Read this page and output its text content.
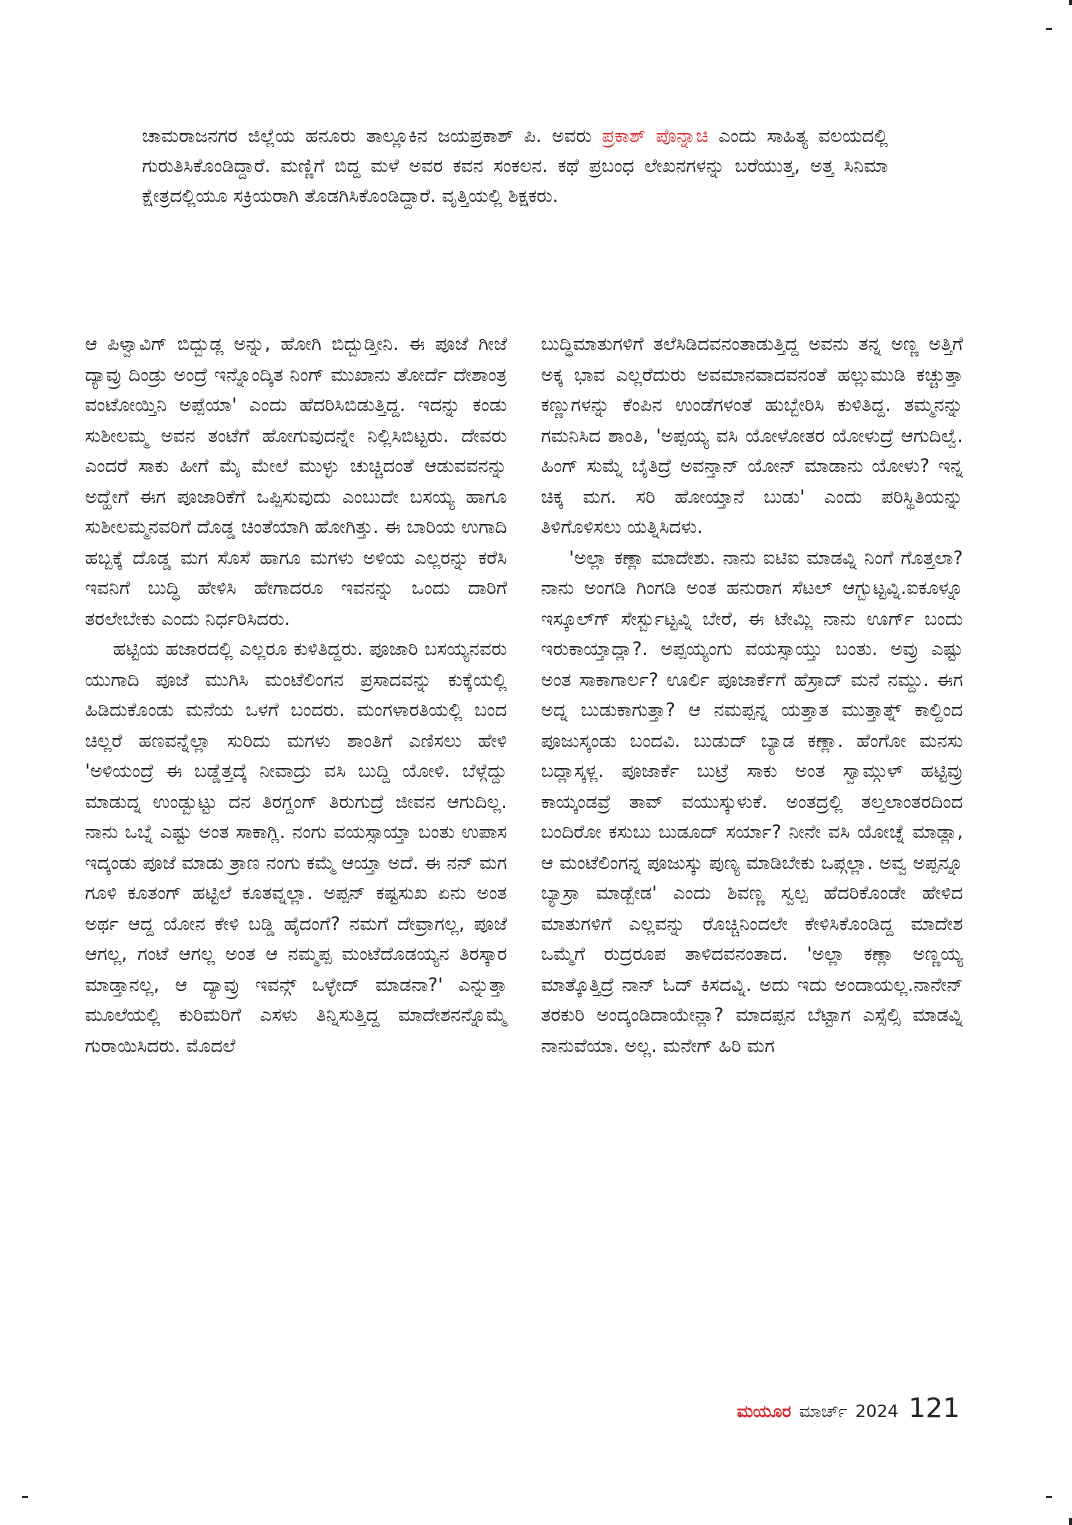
ಚಾಮರಾಜನಗರ ಜಿಲ್ಲೆಯ ಹನೂರು ತಾಲ್ಲೂಕಿನ ಜಯಪ್ರಕಾಶ್ ಪಿ. ಅವರು ಪ್ರಕಾಶ್ ಪೊನ್ನಾಚಿ ಎಂದು ಸಾಹಿತ್ಯ ವಲಯದಲ್ಲಿ ಗುರುತಿಸಿಕೊಂಡಿದ್ದಾರೆ. ಮಣ್ಣಿಗೆ ಬಿದ್ದ ಮಳೆ ಅವರ ಕವನ ಸಂಕಲನ. ಕಥೆ ಪ್ರಬಂಧ ಲೇಖನಗಳನ್ನು ಬರೆಯುತ್ತ, ಅತ್ತ ಸಿನಿಮಾ ಕ್ಷೇತ್ರದಲ್ಲಿಯೂ ಸಕ್ರಿಯರಾಗಿ ತೊಡಗಿಸಿಕೊಂಡಿದ್ದಾರೆ. ವೃತ್ತಿಯಲ್ಲಿ ಶಿಕ್ಷಕರು.

ಆ ಪಿಳ್ವಾವಿಗ್ ಬಿದ್ಬುಡ್ಲ ಅನ್ನು, ಹೋಗಿ ಬಿದ್ಬುಡ್ತೀನಿ. ಈ ಪೂಜೆ ಗೀಜೆ ದ್ಯಾವ್ರು ದಿಂಡ್ರು ಅಂದ್ರೆ ಇನ್ನೊಂದ್ಕಿತ ನಿಂಗ್ ಮುಖಾನು ತೋರ್ದೆ ದೇಶಾಂತ್ರ ವಂಟೋಯ್ತಿನಿ ಅಪ್ಪೆಯಾ' ಎಂದು ಹೆದರಿಸಿಬಿಡುತ್ತಿದ್ದ. ಇದನ್ನು ಕಂಡು ಸುಶೀಲಮ್ಮ ಅವನ ತಂಟೆಗೆ ಹೋಗುವುದನ್ನೇ ನಿಲ್ಲಿಸಿಬಿಟ್ಟರು. ದೇವರು ಎಂದರೆ ಸಾಕು ಹೀಗೆ ಮೈ ಮೇಲೆ ಮುಳ್ಳು ಚುಚ್ಚಿದಂತೆ ಆಡುವವನನ್ನು ಅದ್ಹೇಗೆ ಈಗ ಪೂಜಾರಿಕೆಗೆ ಒಪ್ಪಿಸುವುದು ಎಂಬುದೇ ಬಸಯ್ಯ ಹಾಗೂ ಸುಶೀಲಮ್ಮನವರಿಗೆ ದೊಡ್ಡ ಚಿಂತೆಯಾಗಿ ಹೋಗಿತ್ತು. ಈ ಬಾರಿಯ ಉಗಾದಿ ಹಬ್ಬಕ್ಕೆ ದೊಡ್ಡ ಮಗ ಸೊಸೆ ಹಾಗೂ ಮಗಳು ಅಳಿಯ ಎಲ್ಲರನ್ನು ಕರೆಸಿ ಇವನಿಗೆ ಬುದ್ಧಿ ಹೇಳಿಸಿ ಹೇಗಾದರೂ ಇವನನ್ನು ಒಂದು ದಾರಿಗೆ ತರಲೇಬೇಕು ಎಂದು ನಿರ್ಧರಿಸಿದರು.

ಹಟ್ಟಿಯ ಹಜಾರದಲ್ಲಿ ಎಲ್ಲರೂ ಕುಳಿತಿದ್ದರು. ಪೂಜಾರಿ ಬಸಯ್ಯನವರು ಯುಗಾದಿ ಪೂಜೆ ಮುಗಿಸಿ ಮಂಟೆಲಿಂಗನ ಪ್ರಸಾದವನ್ನು ಕುಕ್ಕೆಯಲ್ಲಿ ಹಿಡಿದುಕೊಂಡು ಮನೆಯ ಒಳಗೆ ಬಂದರು. ಮಂಗಳಾರತಿಯಲ್ಲಿ ಬಂದ ಚಿಲ್ಲರೆ ಹಣವನ್ನೆಲ್ಲಾ ಸುರಿದು ಮಗಳು ಶಾಂತಿಗೆ ಎಣಿಸಲು ಹೇಳಿ 'ಅಳಿಯಂದ್ರೆ ಈ ಬಡ್ಡೆತ್ತದ್ಕೆ ನೀವಾದ್ರು ವಸಿ ಬುದ್ದಿ ಯೋಳಿ. ಬೆಳ್ಗೆದ್ದು ಮಾಡುದ್ನ ಉಂಡ್ಬುಟ್ಟು ದನ ತಿರಗ್ದಂಗ್ ತಿರುಗುದ್ರೆ ಜೀವನ ಆಗುದಿಲ್ಲ. ನಾನು ಒಬ್ನೆ ಎಷ್ಟು ಅಂತ ಸಾಕಾಗ್ಲಿ. ನಂಗು ವಯಸ್ಸಾಯ್ತಾ ಬಂತು ಉಪಾಸ ಇದ್ಕಂಡು ಪೂಜೆ ಮಾಡು ತ್ರಾಣ ನಂಗು ಕಮ್ಮೆ ಆಯ್ತಾ ಅದೆ. ಈ ನನ್ ಮಗ ಗೂಳಿ ಕೂತಂಗ್ ಹಟ್ಟಿಲೆ ಕೂತವ್ನಲ್ಲಾ. ಅಪ್ಪನ್ ಕಷ್ಟಸುಖ ಏನು ಅಂತ ಅರ್ಥ ಆದ್ದ ಯೋನ ಕೇಳಿ ಬಡ್ಡಿ ಹೈದಂಗೆ? ನಮಗೆ ದೇವ್ರಾಗಲ್ಲ, ಪೂಜೆ ಆಗಲ್ಲ, ಗಂಟೆ ಆಗಲ್ಲ ಅಂತ ಆ ನಮ್ಮಪ್ಪ ಮಂಟೆದೊಡಯ್ಯನ ತಿರಸ್ಕಾರ ಮಾಡ್ತಾನಲ್ಲ, ಆ ದ್ಯಾವ್ರು ಇವನ್ಗ್ ಒಳ್ಳೇದ್ ಮಾಡನಾ?' ಎನ್ನುತ್ತಾ ಮೂಲೆಯಲ್ಲಿ ಕುರಿಮರಿಗೆ ಎಸಳು ತಿನ್ನಿಸುತ್ತಿದ್ದ ಮಾದೇಶನನ್ನೊಮ್ಮೆ ಗುರಾಯಿಸಿದರು. ಮೊದಲೆ

ಬುದ್ಧಿಮಾತುಗಳಿಗೆ ತಲೆಸಿಡಿದವನಂತಾಡುತ್ತಿದ್ದ ಅವನು ತನ್ನ ಅಣ್ಣ ಅತ್ತಿಗೆ ಅಕ್ಕ ಭಾವ ಎಲ್ಲರೆದುರು ಅವಮಾನವಾದವನಂತೆ ಹಲ್ಲುಮುಡಿ ಕಚ್ಚುತ್ತಾ ಕಣ್ಣುಗಳನ್ನು ಕೆಂಪಿನ ಉಂಡೆಗಳಂತೆ ಹುಬ್ಬೇರಿಸಿ ಕುಳಿತಿದ್ದ. ತಮ್ಮನನ್ನು ಗಮನಿಸಿದ ಶಾಂತಿ, 'ಅಪ್ಪಯ್ಯ ವಸಿ ಯೋಳೋತರ ಯೋಳುದ್ರೆ ಆಗುದಿಲ್ವೆ. ಹಿಂಗ್ ಸುಮ್ನೆ ಬೈತಿದ್ರೆ ಅವನ್ತಾನ್ ಯೋನ್ ಮಾಡಾನು ಯೋಳು? ಇನ್ನ ಚಿಕ್ಕ ಮಗ. ಸರಿ ಹೋಯ್ತಾನೆ ಬುಡು' ಎಂದು ಪರಿಸ್ಥಿತಿಯನ್ನು ತಿಳಿಗೊಳಿಸಲು ಯತ್ನಿಸಿದಳು.

'ಅಲ್ಲಾ ಕಣ್ಲಾ ಮಾದೇಶು. ನಾನು ಐಟಿಐ ಮಾಡವ್ನಿ ನಿಂಗೆ ಗೊತ್ತಲಾ? ನಾನು ಅಂಗಡಿ ಗಿಂಗಡಿ ಅಂತ ಹನುರಾಗ ಸೆಟಲ್ ಆಗ್ಬುಟ್ಟವ್ನಿ.ಐಕೂಳ್ನೂ ಇಸ್ಕೂಲ್‌ಗ್ ಸೇರ್ಸ್ಬುಟ್ಟವ್ನಿ ಬೇರೆ, ಈ ಟೇಮ್ಲಿ ನಾನು ಊರ್ಗ್ ಬಂದು ಇರುಕಾಯ್ತಾದ್ಲಾ?. ಅಪ್ಪಯ್ಯಂಗು ವಯಸ್ಸಾಯ್ತು ಬಂತು. ಅವ್ರು ಎಷ್ಟು ಅಂತ ಸಾಕಾಗಾರ್ಲ? ಊರ್ಲಿ ಪೂಜಾರ್ಕೆಗೆ ಹೆಸ್ರಾದ್ ಮನೆ ನಮ್ದು. ಈಗ ಅದ್ನ ಬುಡುಕಾಗುತ್ತಾ? ಆ ನಮಪ್ಪನ್ನ ಯತ್ತಾತ ಮುತ್ತಾತ್ನ್ ಕಾಲ್ದಿಂದ ಪೂಜುಸ್ಕಂಡು ಬಂದವಿ. ಬುಡುದ್ ಬ್ಯಾಡ ಕಣ್ಲಾ. ಹೆಂಗೋ ಮನಸು ಬದ್ಲಾಸ್ಕಳ್ಲ. ಪೂಜಾರ್ಕೆ ಬುಟ್ರೆ ಸಾಕು ಅಂತ ಸ್ವಾಮ್ಗುಳ್ ಹಟ್ಟಿವ್ರು ಕಾಯ್ಕಂಡವ್ರೆ ತಾವ್ ವಯುಸ್ಕುಳುಕೆ. ಅಂತದ್ರಲ್ಲಿ ತಲ್ತಲಾಂತರದಿಂದ ಬಂದಿರೋ ಕಸುಬು ಬುಡೂದ್ ಸರ್ಯಾ? ನೀನೇ ವಸಿ ಯೋಚ್ನೆ ಮಾಡ್ಲಾ, ಆ ಮಂಟೆಲಿಂಗನ್ನ ಪೂಜುಸ್ಕು ಪುಣ್ಯ ಮಾಡಿಬೇಕು ಒಪ್ಗಲ್ಲಾ. ಅವ್ವ ಅಪ್ಪನ್ನೂ ಬ್ಯಾಸ್ರಾ ಮಾಡ್ಬೇಡ' ಎಂದು ಶಿವಣ್ಣ ಸ್ವಲ್ಪ ಹೆದರಿಕೊಂಡೇ ಹೇಳಿದ ಮಾತುಗಳಿಗೆ ಎಲ್ಲವನ್ನು ರೊಚ್ಚಿನಿಂದಲೇ ಕೇಳಿಸಿಕೊಂಡಿದ್ದ ಮಾದೇಶ ಒಮ್ಮೆಗೆ ರುದ್ರರೂಪ ತಾಳಿದವನಂತಾದ. 'ಅಲ್ಲಾ ಕಣ್ಲಾ ಅಣ್ಣಯ್ಯ ಮಾತ್ಕೊತ್ತಿದ್ರೆ ನಾನ್ ಓದ್ ಕಿಸದವ್ನಿ. ಅದು ಇದು ಅಂದಾಯಲ್ಲ.ನಾನೇನ್ ತರಕುರಿ ಅಂದ್ಕಂಡಿದಾಯೇನ್ಲಾ? ಮಾದಪ್ಪನ ಬೆಟ್ಟಾಗ ಎಸ್ಸೆಲ್ಸಿ ಮಾಡವ್ನಿ ನಾನುವೆಯಾ. ಅಲ್ಲ. ಮನೇಗ್ ಹಿರಿ ಮಗ

ಮಯೂರ ಮಾರ್ಚ್ 2024 121
